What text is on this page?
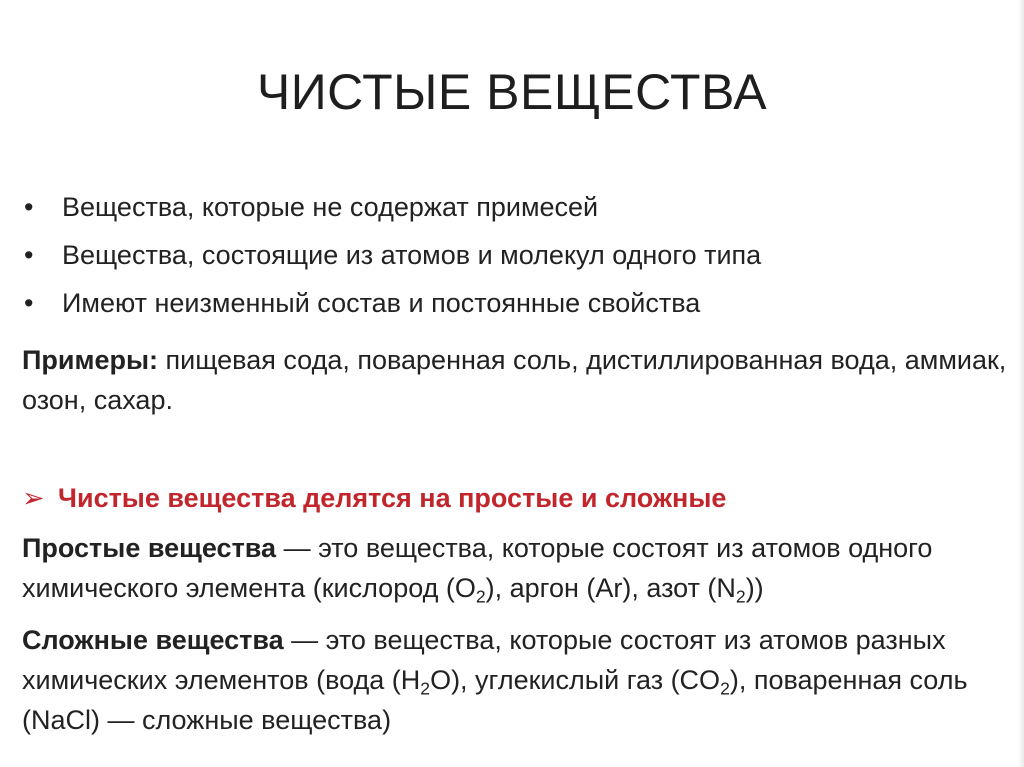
ЧИСТЫЕ ВЕЩЕСТВА
•	Вещества, которые не содержат примесей
•	Вещества, состоящие из атомов и молекул одного типа
•	Имеют неизменный состав и постоянные свойства

Примеры: пищевая сода, поваренная соль, дистиллированная вода, аммиак, озон, сахар.

➢ Чистые вещества делятся на простые и сложные

Простые вещества — это вещества, которые состоят из атомов одного химического элемента (кислород $(O_2)$, аргон (Ar), азот $(N_2)$)

Сложные вещества — это вещества, которые состоят из атомов разных химических элементов (вода $(H_2O)$, углекислый газ $(CO_2)$, поваренная соль (NaCl) — сложные вещества)
